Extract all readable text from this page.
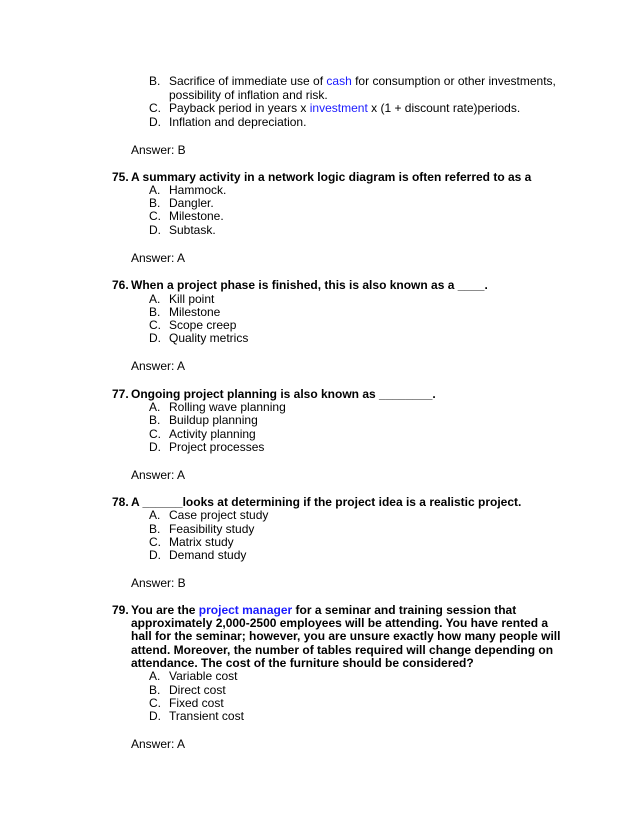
B. Sacrifice of immediate use of cash for consumption or other investments,
possibility of inflation and risk.
C. Payback period in years x investment x (1 + discount rate)periods.
D. Inflation and depreciation.
Answer: B
75. A summary activity in a network logic diagram is often referred to as a
A. Hammock.
B. Dangler.
C. Milestone.
D. Subtask.
Answer: A
76. When a project phase is finished, this is also known as a ____.
A. Kill point
B. Milestone
C. Scope creep
D. Quality metrics
Answer: A
77. Ongoing project planning is also known as ________.
A. Rolling wave planning
B. Buildup planning
C. Activity planning
D. Project processes
Answer: A
78. A ______looks at determining if the project idea is a realistic project.
A. Case project study
B. Feasibility study
C. Matrix study
D. Demand study
Answer: B
79. You are the project manager for a seminar and training session that
approximately 2,000-2500 employees will be attending. You have rented a
hall for the seminar; however, you are unsure exactly how many people will
attend. Moreover, the number of tables required will change depending on
attendance. The cost of the furniture should be considered?
A. Variable cost
B. Direct cost
C. Fixed cost
D. Transient cost
Answer: A
